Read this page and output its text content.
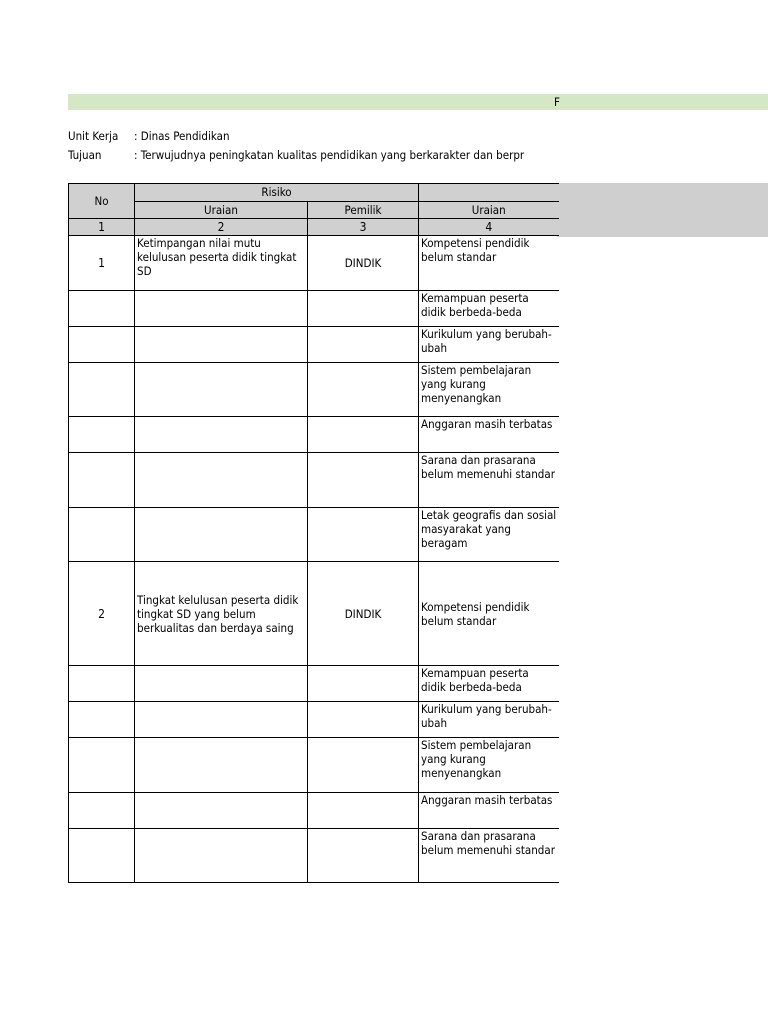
F
Unit Kerja : Dinas Pendidikan
Tujuan	: Terwujudnya peningkatan kualitas pendidikan yang berkarakter dan berpr
No	Risiko		
	Uraian	Pemilik	Uraian
1	2	3	4
1	Ketimpangan nilai mutu kelulusan peserta didik tingkat SD	DINDIK	Kompetensi pendidik belum standar
			Kemampuan peserta didik berbeda-beda
			Kurikulum yang berubah-ubah
			Sistem pembelajaran yang kurang menyenangkan
			Anggaran masih terbatas
			Sarana dan prasarana belum memenuhi standar
			Letak geografis dan sosial masyarakat yang beragam
2	Tingkat kelulusan peserta didik tingkat SD yang belum berkualitas dan berdaya saing	DINDIK	Kompetensi pendidik belum standar
			Kemampuan peserta didik berbeda-beda
			Kurikulum yang berubah-ubah
			Sistem pembelajaran yang kurang menyenangkan
			Anggaran masih terbatas
			Sarana dan prasarana belum memenuhi standar
